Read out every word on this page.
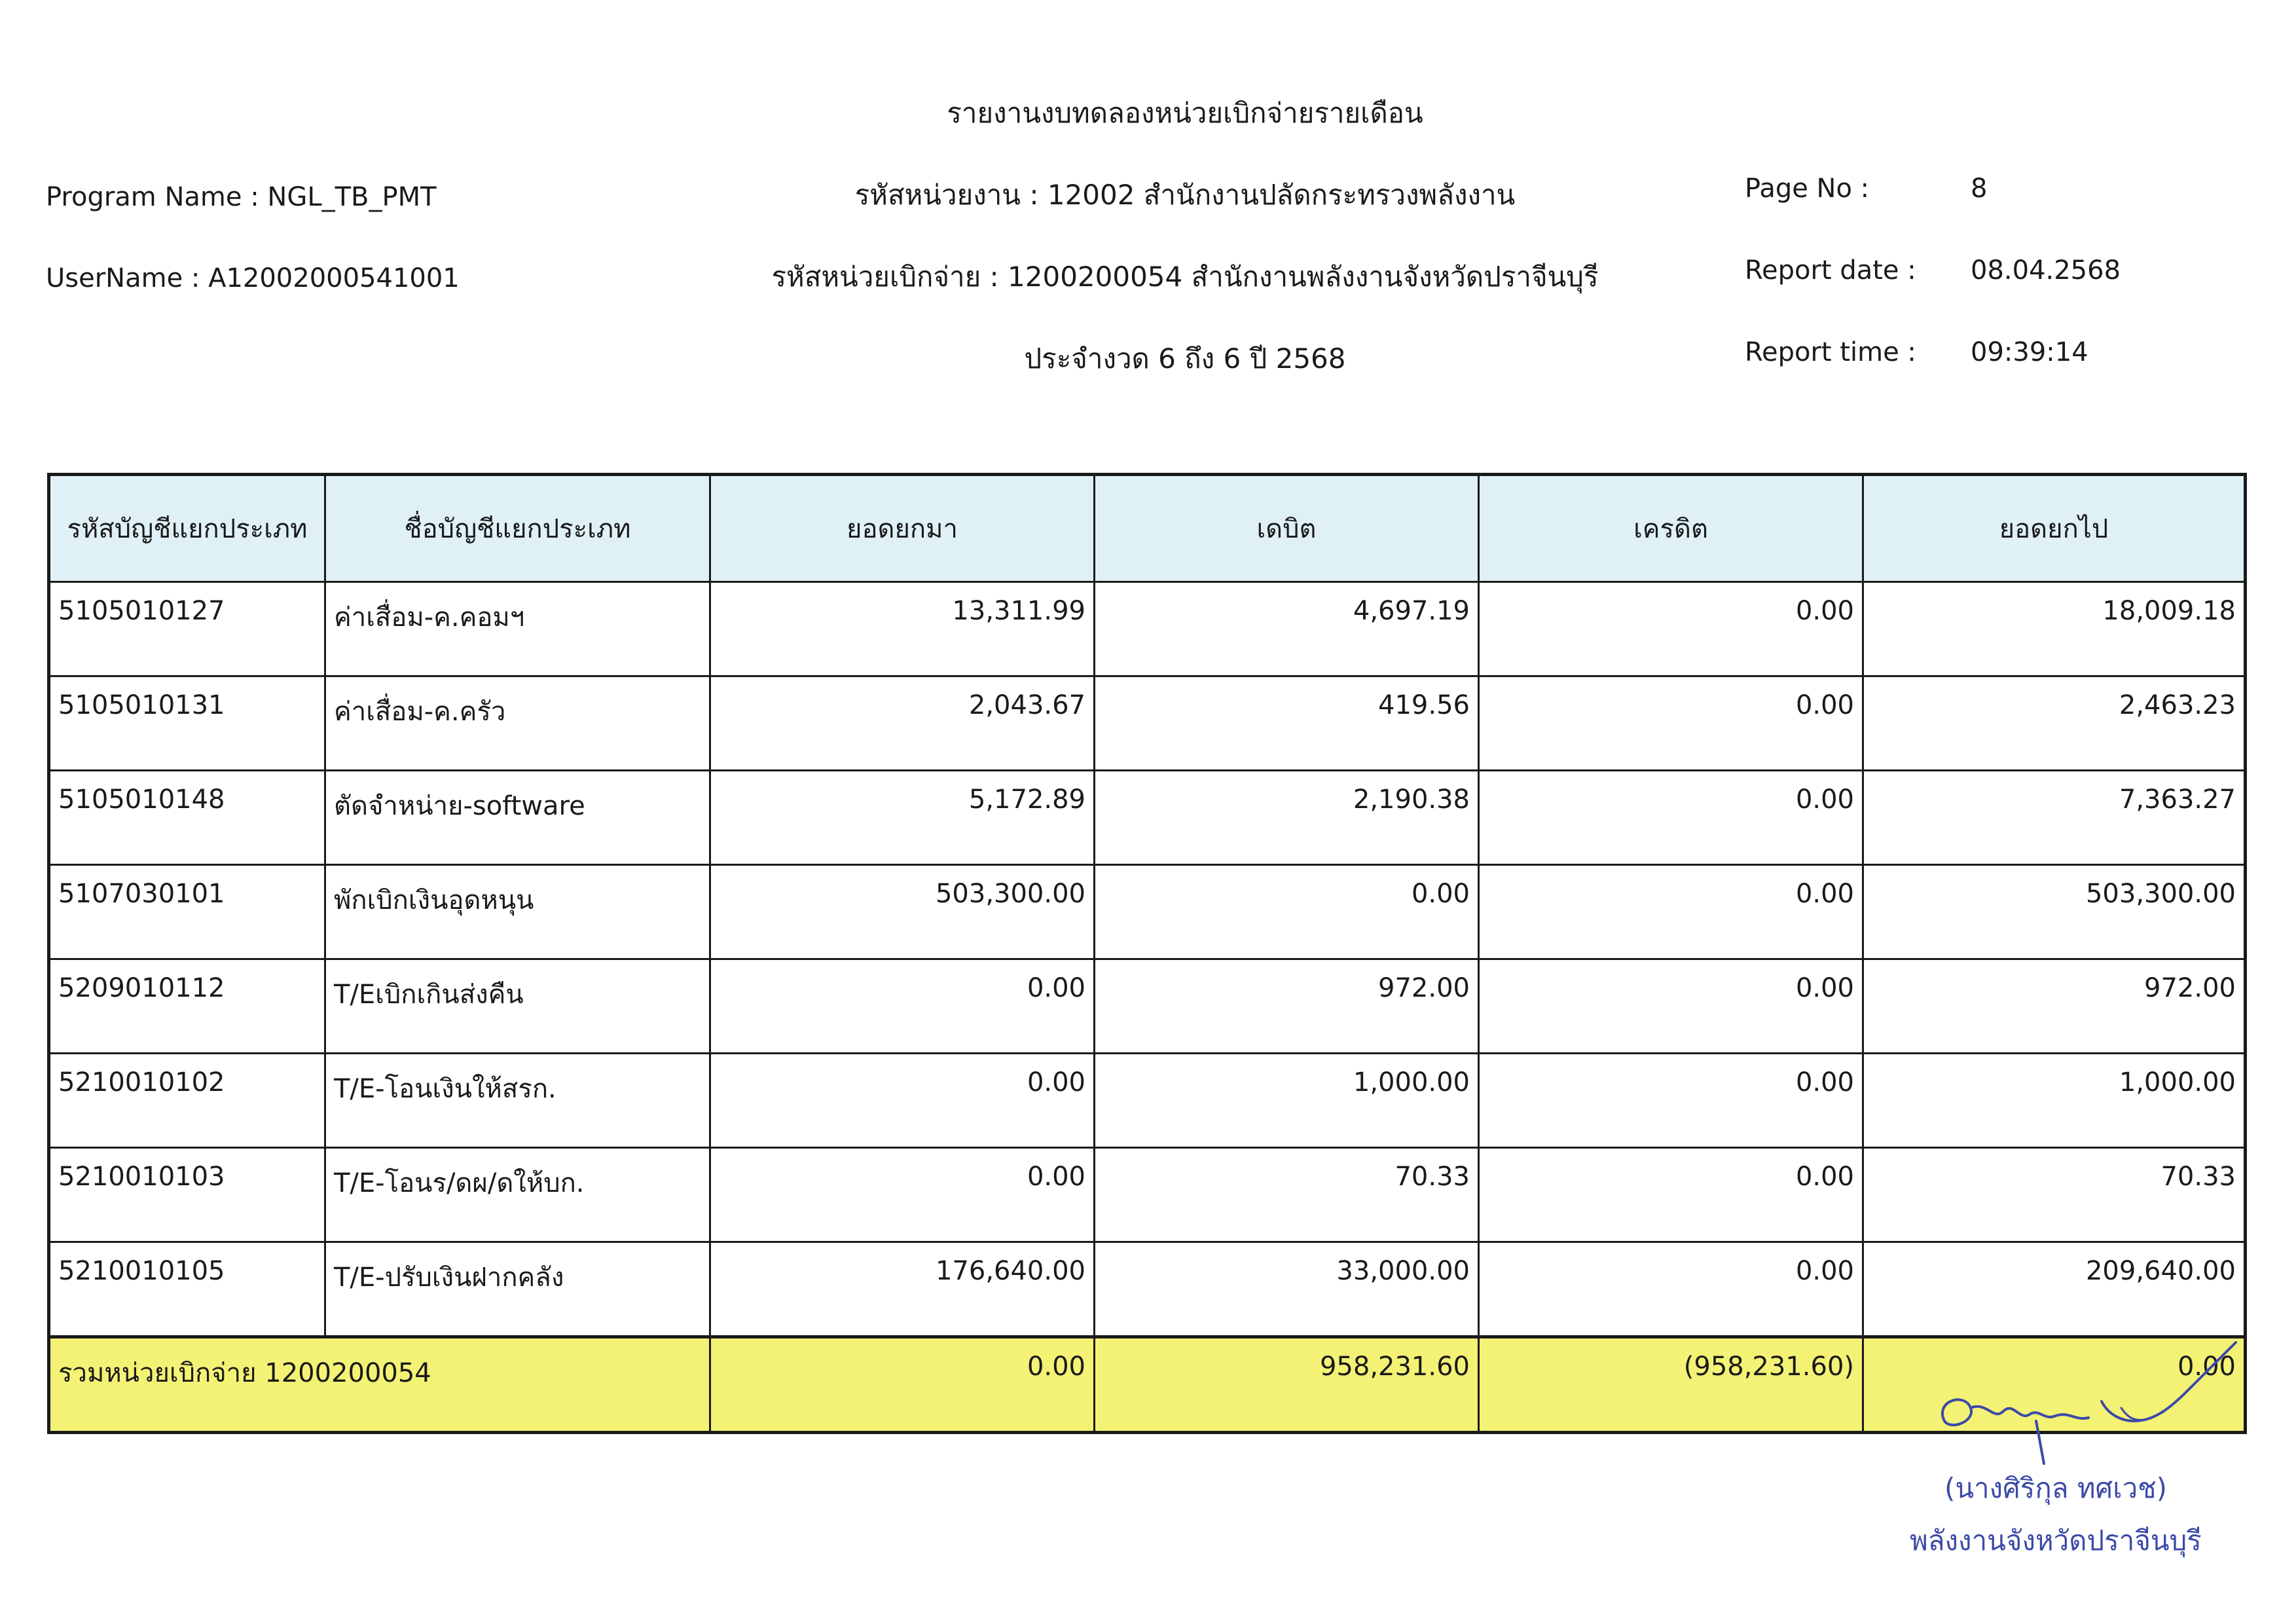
รายงานงบทดลองหน่วยเบิกจ่ายรายเดือน
รหัสหน่วยงาน : 12002 สำนักงานปลัดกระทรวงพลังงาน
รหัสหน่วยเบิกจ่าย : 1200200054 สำนักงานพลังงานจังหวัดปราจีนบุรี
ประจำงวด 6 ถึง 6 ปี 2568
Program Name : NGL_TB_PMT
UserName : A12002000541001
Page No :	8
Report date : 08.04.2568
Report time : 09:39:14
รหัสบัญชีแยกประเภท	ชื่อบัญชีแยกประเภท	ยอดยกมา	เดบิต	เครดิต	ยอดยกไป
5105010127	ค่าเสื่อม-ค.คอมฯ	13,311.99	4,697.19	0.00	18,009.18
5105010131	ค่าเสื่อม-ค.ครัว	2,043.67	419.56	0.00	2,463.23
5105010148	ตัดจำหน่าย-software	5,172.89	2,190.38	0.00	7,363.27
5107030101	พักเบิกเงินอุดหนุน	503,300.00	0.00	0.00	503,300.00
5209010112	T/Eเบิกเกินส่งคืน	0.00	972.00	0.00	972.00
5210010102	T/E-โอนเงินให้สรก.	0.00	1,000.00	0.00	1,000.00
5210010103	T/E-โอนร/ดผ/ดให้บก.	0.00	70.33	0.00	70.33
5210010105	T/E-ปรับเงินฝากคลัง	176,640.00	33,000.00	0.00	209,640.00
รวมหน่วยเบิกจ่าย 1200200054		0.00	958,231.60	(958,231.60)	0.00
(นางศิริกุล ทศเวช)
พลังงานจังหวัดปราจีนบุรี
